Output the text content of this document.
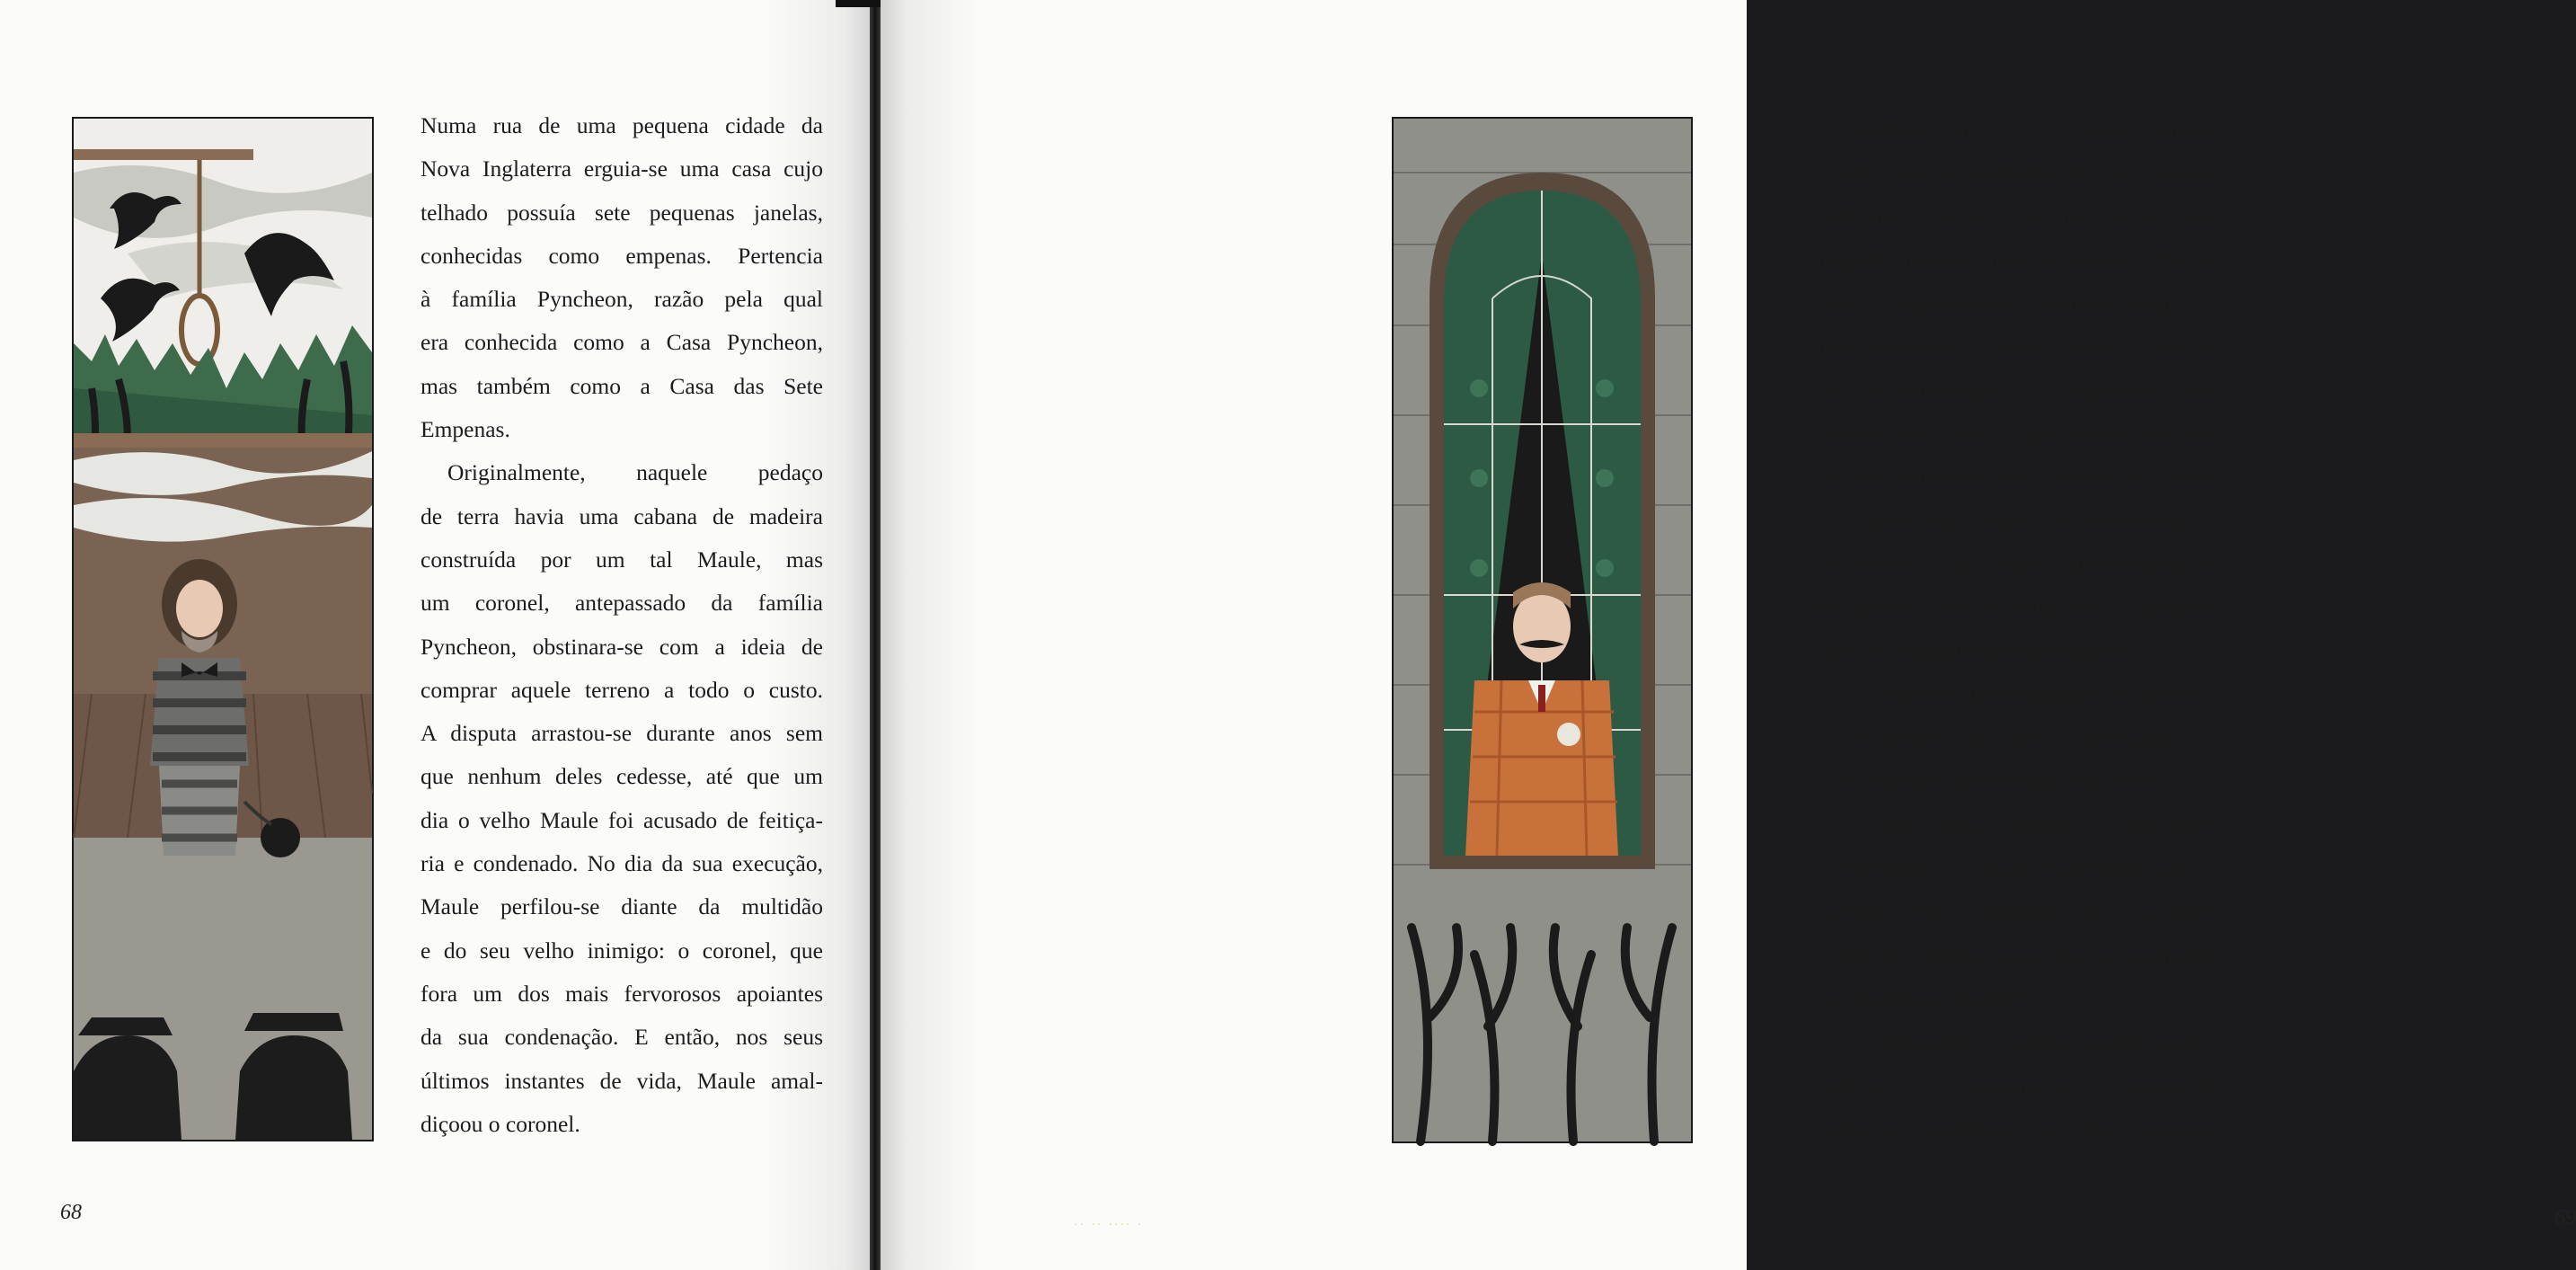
Numa rua de uma pequena cidade da
Nova Inglaterra erguia-se uma casa cujo
telhado possuía sete pequenas janelas,
conhecidas como empenas. Pertencia
à família Pyncheon, razão pela qual
era conhecida como a Casa Pyncheon,
mas também como a Casa das Sete
Empenas.
Originalmente, naquele pedaço
de terra havia uma cabana de madeira
construída por um tal Maule, mas
um coronel, antepassado da família
Pyncheon, obstinara-se com a ideia de
comprar aquele terreno a todo o custo.
A disputa arrastou-se durante anos sem
que nenhum deles cedesse, até que um
dia o velho Maule foi acusado de feitiça-
ria e condenado. No dia da sua execução,
Maule perfilou-se diante da multidão
e do seu velho inimigo: o coronel, que
fora um dos mais fervorosos apoiantes
da sua condenação. E então, nos seus
últimos instantes de vida, Maule amal-
diçoou o coronel.
68
Qualquer um teria ficado aterro-
rizado com a maldição de um suposto
feiticeiro e jamais construiria a sua casa
naquele terreno, mas o coronel não se
deixou impressionar e mandou erguer lá
uma imponente mansão. Após a conclu-
são da construção, foi organizada uma
grande festa para a qual foram convida-
dos os habitantes mais ilustres da cidade.
Alguns dias depois, os aristocratas e
os notáveis da região aproximaram-se
do portão, para a festa, mas o proprie-
tário da casa parecia estar ausente.
– Chamem imediatamente o coronel!
– reclamou um dos convidados. –
O vice-governador chegará em breve.
– Não posso, senhor – respondeu
o mordomo. – Desde madrugada que o
coronel está trancado no escritório
e deu-me ordens para não o incomodar
por nada deste mundo!
O convidado insistiu, ainda assim,
para que o levassem até à imponente
porta do escritório, na qual começou
69
·· ·· ···· ·
